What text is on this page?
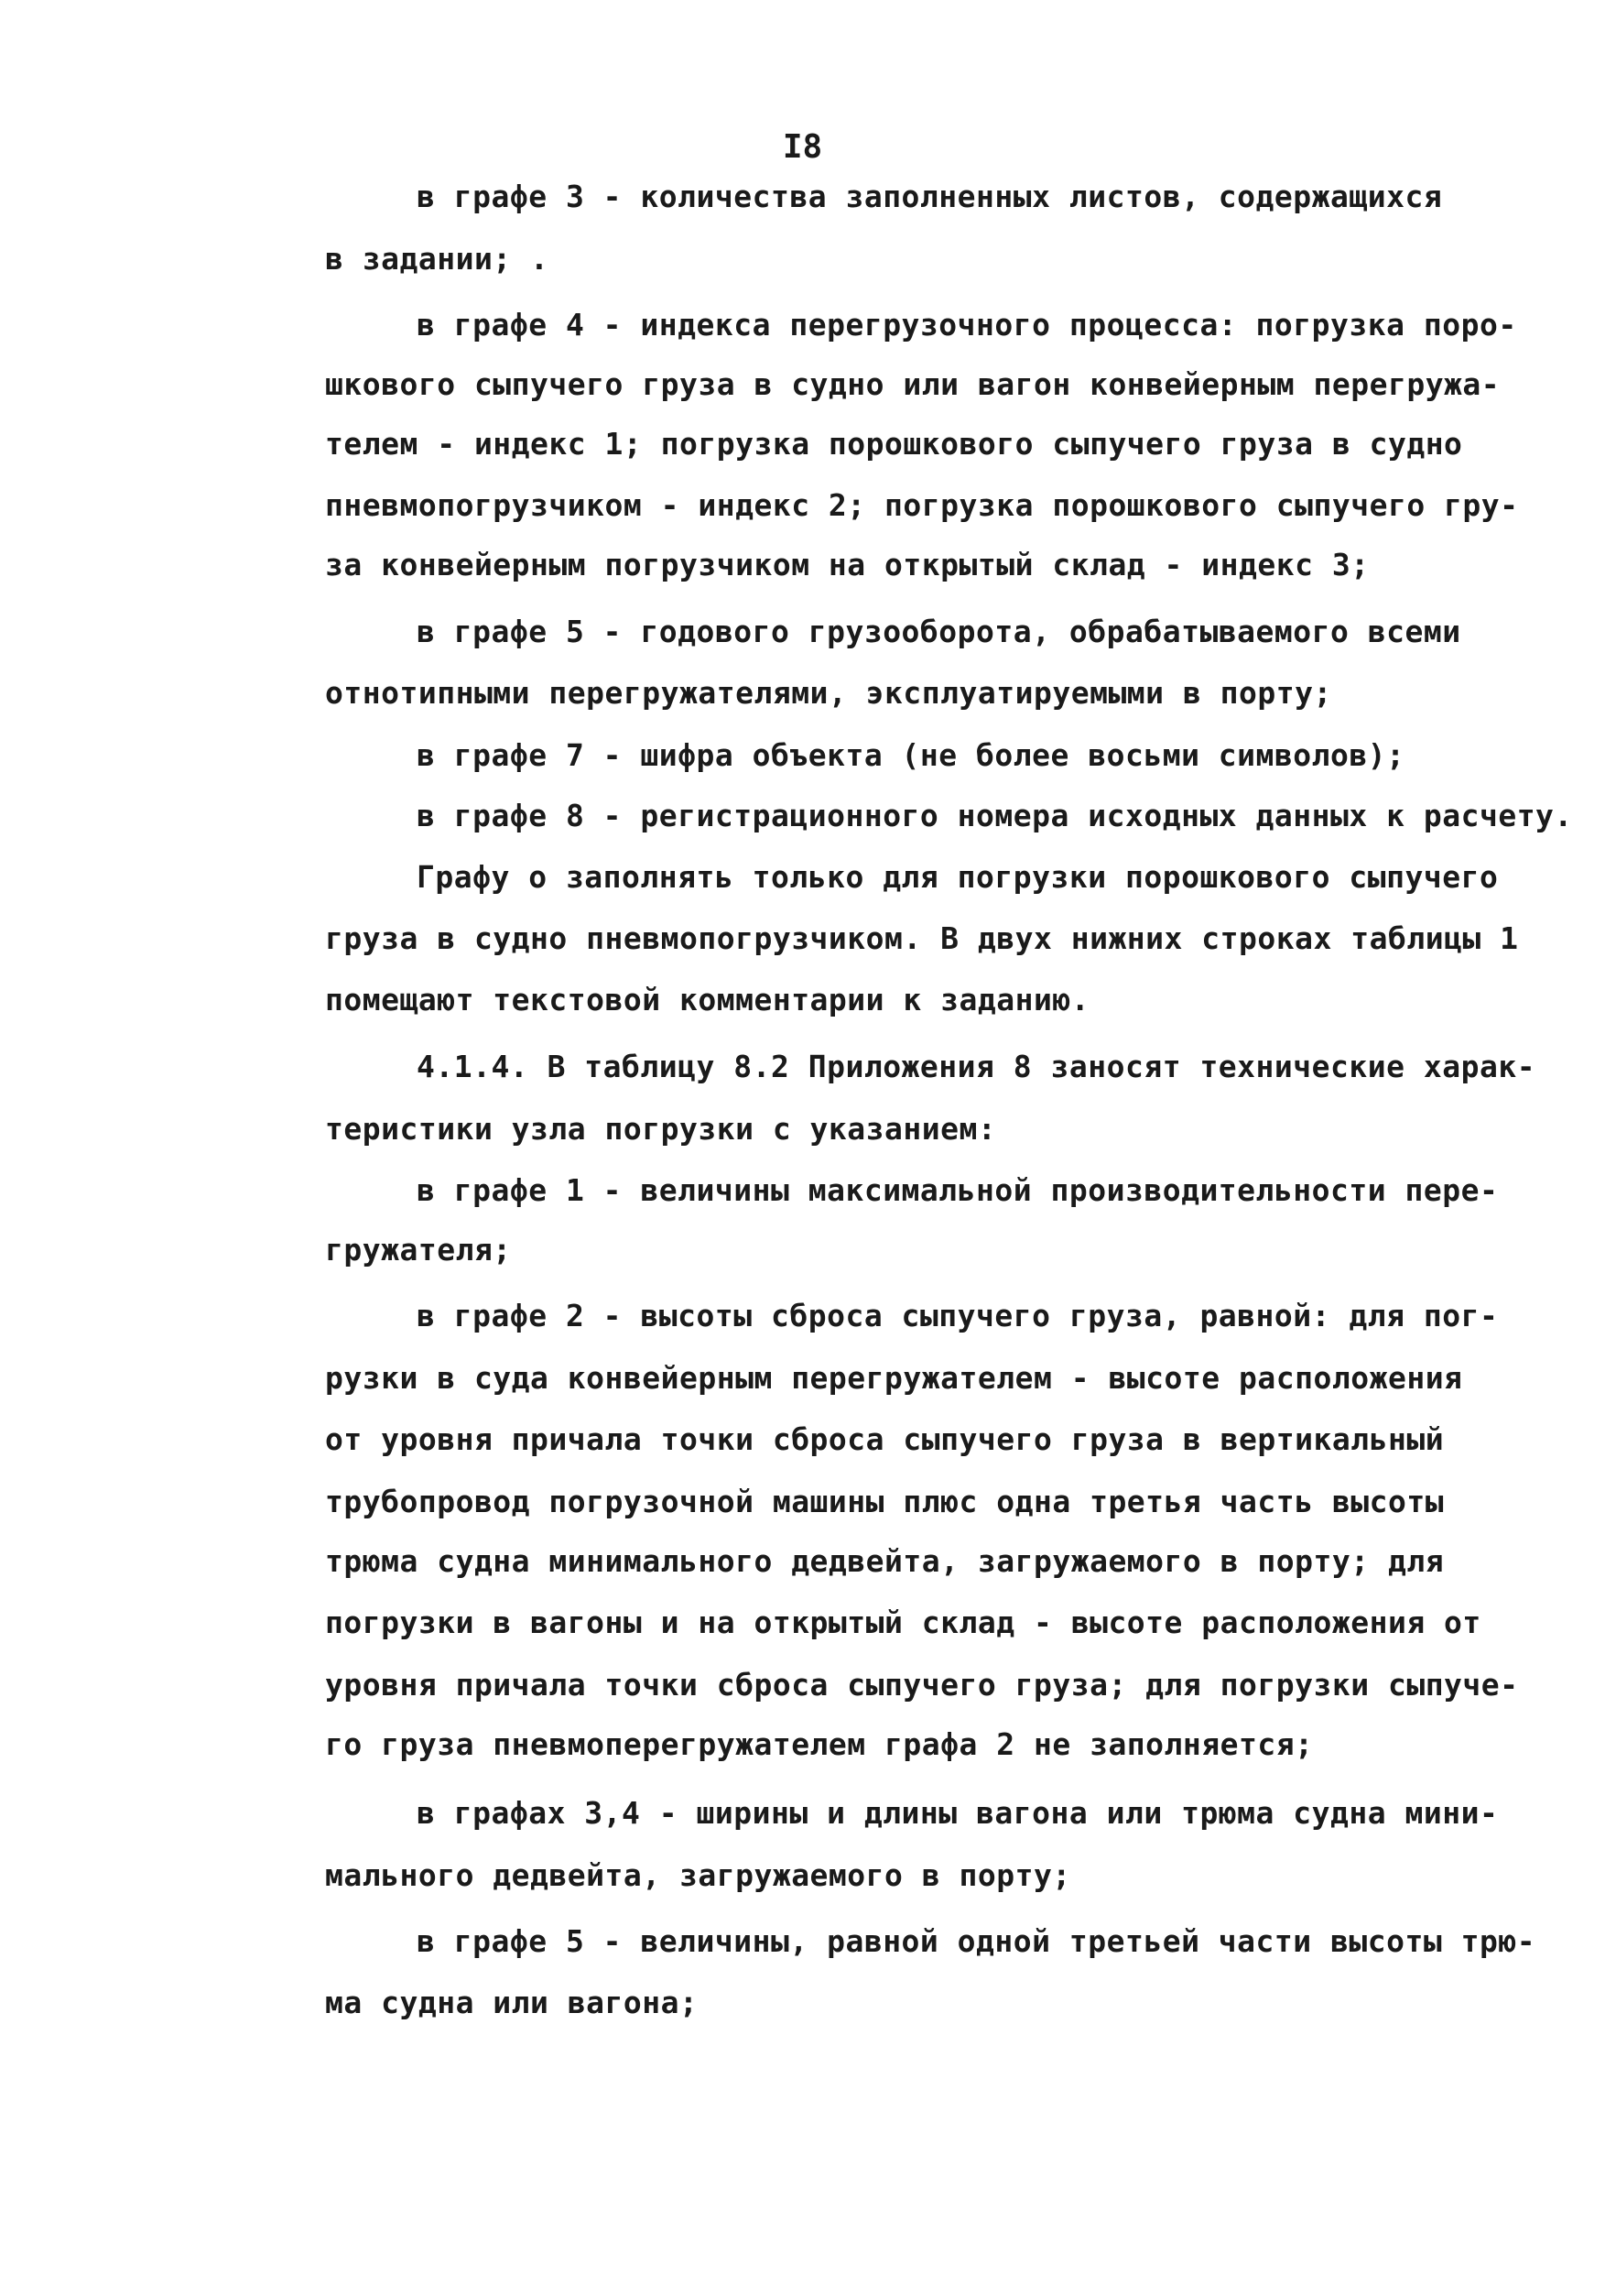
I8
в графе 3 - количества заполненных листов, содержащихся
в задании; .
в графе 4 - индекса перегрузочного процесса: погрузка поро-
шкового сыпучего груза в судно или вагон конвейерным перегружа-
телем - индекс 1; погрузка порошкового сыпучего груза в судно
пневмопогрузчиком - индекс 2; погрузка порошкового сыпучего гру-
за конвейерным погрузчиком на открытый склад - индекс 3;
в графе 5 - годового грузооборота, обрабатываемого всеми
отнотипными перегружателями, эксплуатируемыми в порту;
в графе 7 - шифра объекта (не более восьми символов);
в графе 8 - регистрационного номера исходных данных к расчету.
Графу о заполнять только для погрузки порошкового сыпучего
груза в судно пневмопогрузчиком. В двух нижних строках таблицы 1
помещают текстовой комментарии к заданию.
4.1.4. В таблицу 8.2 Приложения 8 заносят технические харак-
теристики узла погрузки с указанием:
в графе 1 - величины максимальной производительности пере-
гружателя;
в графе 2 - высоты сброса сыпучего груза, равной: для пог-
рузки в суда конвейерным перегружателем - высоте расположения
от уровня причала точки сброса сыпучего груза в вертикальный
трубопровод погрузочной машины плюс одна третья часть высоты
трюма судна минимального дедвейта, загружаемого в порту; для
погрузки в вагоны и на открытый склад - высоте расположения от
уровня причала точки сброса сыпучего груза; для погрузки сыпуче-
го груза пневмоперегружателем графа 2 не заполняется;
в графах 3,4 - ширины и длины вагона или трюма судна мини-
мального дедвейта, загружаемого в порту;
в графе 5 - величины, равной одной третьей части высоты трю-
ма судна или вагона;
